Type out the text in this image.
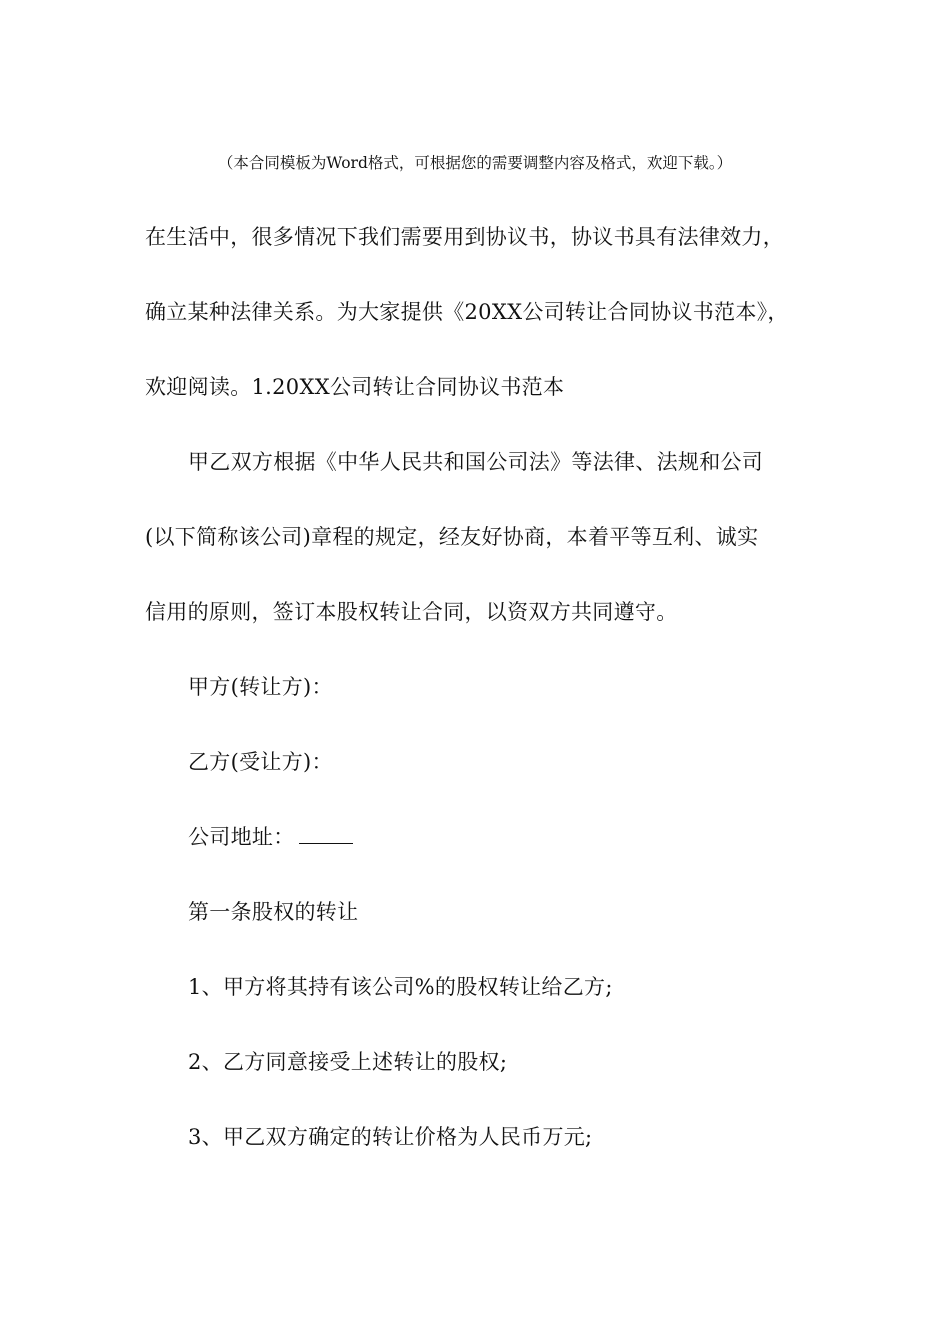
（本合同模板为Word格式，可根据您的需要调整内容及格式，欢迎下载。）
在生活中，很多情况下我们需要用到协议书，协议书具有法律效力，
确立某种法律关系。为大家提供《20XX公司转让合同协议书范本》，
欢迎阅读。1.20XX公司转让合同协议书范本
甲乙双方根据《中华人民共和国公司法》等法律、法规和公司
(以下简称该公司)章程的规定，经友好协商，本着平等互利、诚实
信用的原则，签订本股权转让合同，以资双方共同遵守。
甲方(转让方)：
乙方(受让方)：
公司地址：
第一条股权的转让
1、甲方将其持有该公司%的股权转让给乙方;
2、乙方同意接受上述转让的股权;
3、甲乙双方确定的转让价格为人民币万元;
